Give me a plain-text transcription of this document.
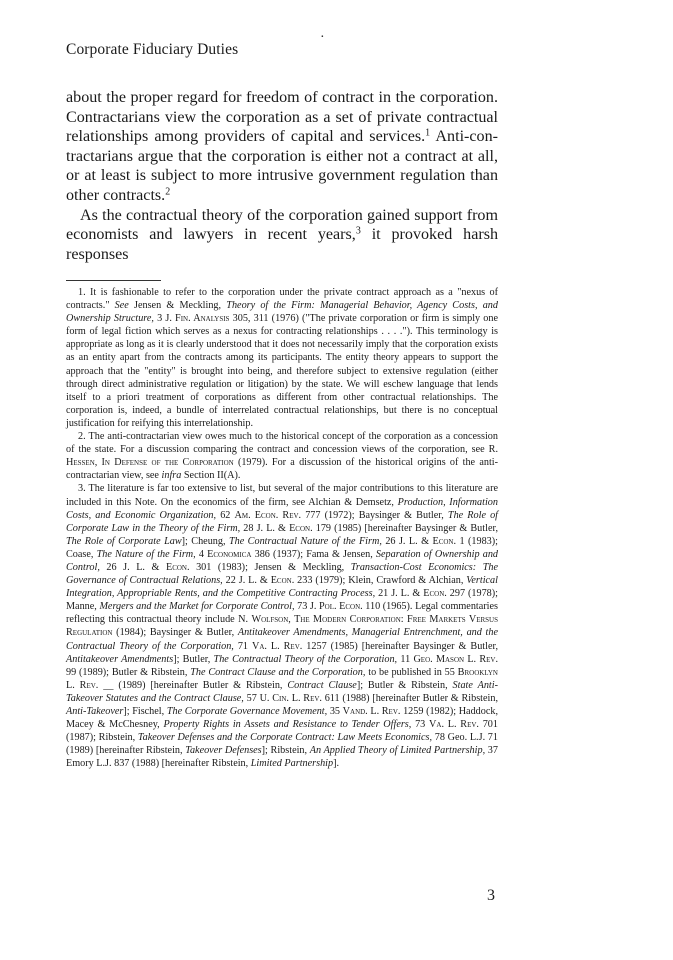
·
Corporate Fiduciary Duties

about the proper regard for freedom of contract in the corporation. Contractarians view the corporation as a set of private contractual relationships among providers of capital and services.$^1$ Anti-contractarians argue that the corporation is either not a contract at all, or at least is subject to more intrusive government regulation than other contracts.$^2$

As the contractual theory of the corporation gained support from economists and lawyers in recent years,$^3$ it provoked harsh responses

1. It is fashionable to refer to the corporation under the private contract approach as a "nexus of contracts." See Jensen & Meckling, Theory of the Firm: Managerial Behavior, Agency Costs, and Ownership Structure, 3 J. Fin. Analysis 305, 311 (1976) ("The private corporation or firm is simply one form of legal fiction which serves as a nexus for contracting relationships . . . ."). This terminology is appropriate as long as it is clearly understood that it does not necessarily imply that the corporation exists as an entity apart from the contracts among its participants. The entity theory appears to support the approach that the "entity" is brought into being, and therefore subject to extensive regulation (either through direct administrative regulation or litigation) by the state. We will eschew language that lends itself to a priori treatment of corporations as different from other contractual relationships. The corporation is, indeed, a bundle of interrelated contractual relationships, but there is no conceptual justification for reifying this interrelationship.

2. The anti-contractarian view owes much to the historical concept of the corporation as a concession of the state. For a discussion comparing the contract and concession views of the corporation, see R. Hessen, In Defense of the Corporation (1979). For a discussion of the historical origins of the anti-contractarian view, see infra Section II(A).

3. The literature is far too extensive to list, but several of the major contributions to this literature are included in this Note. On the economics of the firm, see Alchian & Demsetz, Production, Information Costs, and Economic Organization, 62 Am. Econ. Rev. 777 (1972); Baysinger & Butler, The Role of Corporate Law in the Theory of the Firm, 28 J. L. & Econ. 179 (1985) [hereinafter Baysinger & Butler, The Role of Corporate Law]; Cheung, The Contractual Nature of the Firm, 26 J. L. & Econ. 1 (1983); Coase, The Nature of the Firm, 4 Economica 386 (1937); Fama & Jensen, Separation of Ownership and Control, 26 J. L. & Econ. 301 (1983); Jensen & Meckling, Transaction-Cost Economics: The Governance of Contractual Relations, 22 J. L. & Econ. 233 (1979); Klein, Crawford & Alchian, Vertical Integration, Appropriable Rents, and the Competitive Contracting Process, 21 J. L. & Econ. 297 (1978); Manne, Mergers and the Market for Corporate Control, 73 J. Pol. Econ. 110 (1965). Legal commentaries reflecting this contractual theory include N. Wolfson, The Modern Corporation: Free Markets Versus Regulation (1984); Baysinger & Butler, Antitakeover Amendments, Managerial Entrenchment, and the Contractual Theory of the Corporation, 71 Va. L. Rev. 1257 (1985) [hereinafter Baysinger & Butler, Antitakeover Amendments]; Butler, The Contractual Theory of the Corporation, 11 Geo. Mason L. Rev. 99 (1989); Butler & Ribstein, The Contract Clause and the Corporation, to be published in 55 Brooklyn L. Rev. __ (1989) [hereinafter Butler & Ribstein, Contract Clause]; Butler & Ribstein, State Anti-Takeover Statutes and the Contract Clause, 57 U. Cin. L. Rev. 611 (1988) [hereinafter Butler & Ribstein, Anti-Takeover]; Fischel, The Corporate Governance Movement, 35 Vand. L. Rev. 1259 (1982); Haddock, Macey & McChesney, Property Rights in Assets and Resistance to Tender Offers, 73 Va. L. Rev. 701 (1987); Ribstein, Takeover Defenses and the Corporate Contract: Law Meets Economics, 78 Geo. L.J. 71 (1989) [hereinafter Ribstein, Takeover Defenses]; Ribstein, An Applied Theory of Limited Partnership, 37 Emory L.J. 837 (1988) [hereinafter Ribstein, Limited Partnership].

3
